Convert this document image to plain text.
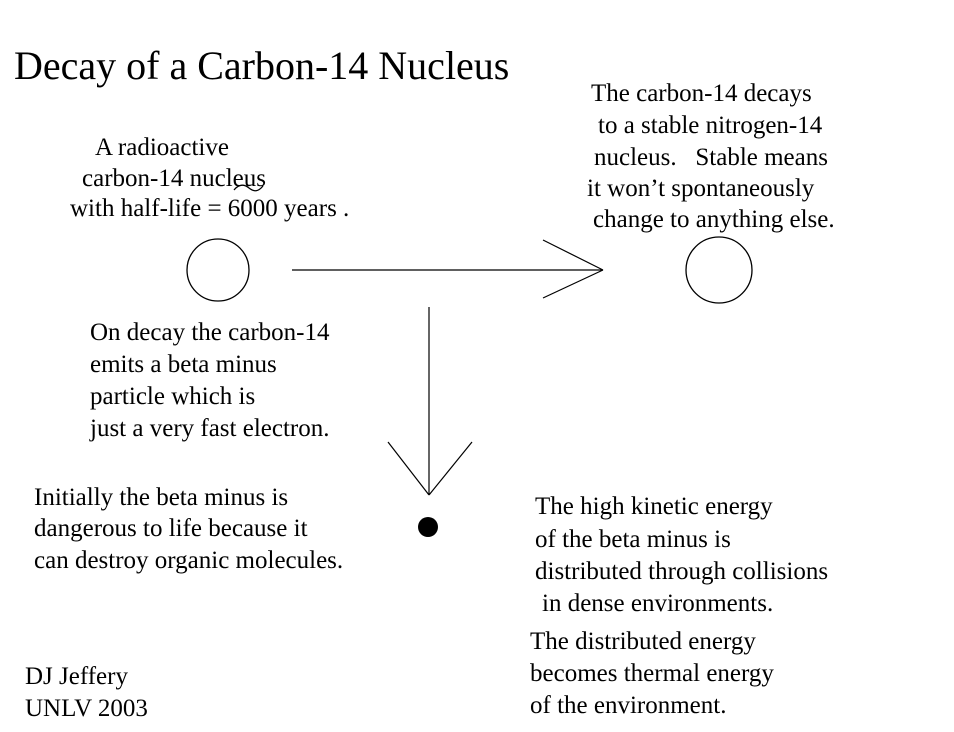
Decay of a Carbon-14 Nucleus
A radioactive
carbon-14 nucleus
with half-life = 6000 years .
The carbon-14 decays
to a stable nitrogen-14
nucleus.   Stable means
it won’t spontaneously
change to anything else.
On decay the carbon-14
emits a beta minus
particle which is
just a very fast electron.
Initially the beta minus is
dangerous to life because it
can destroy organic molecules.
The high kinetic energy
of the beta minus is
distributed through collisions
in dense environments.
The distributed energy
becomes thermal energy
of the environment.
DJ Jeffery
UNLV 2003
